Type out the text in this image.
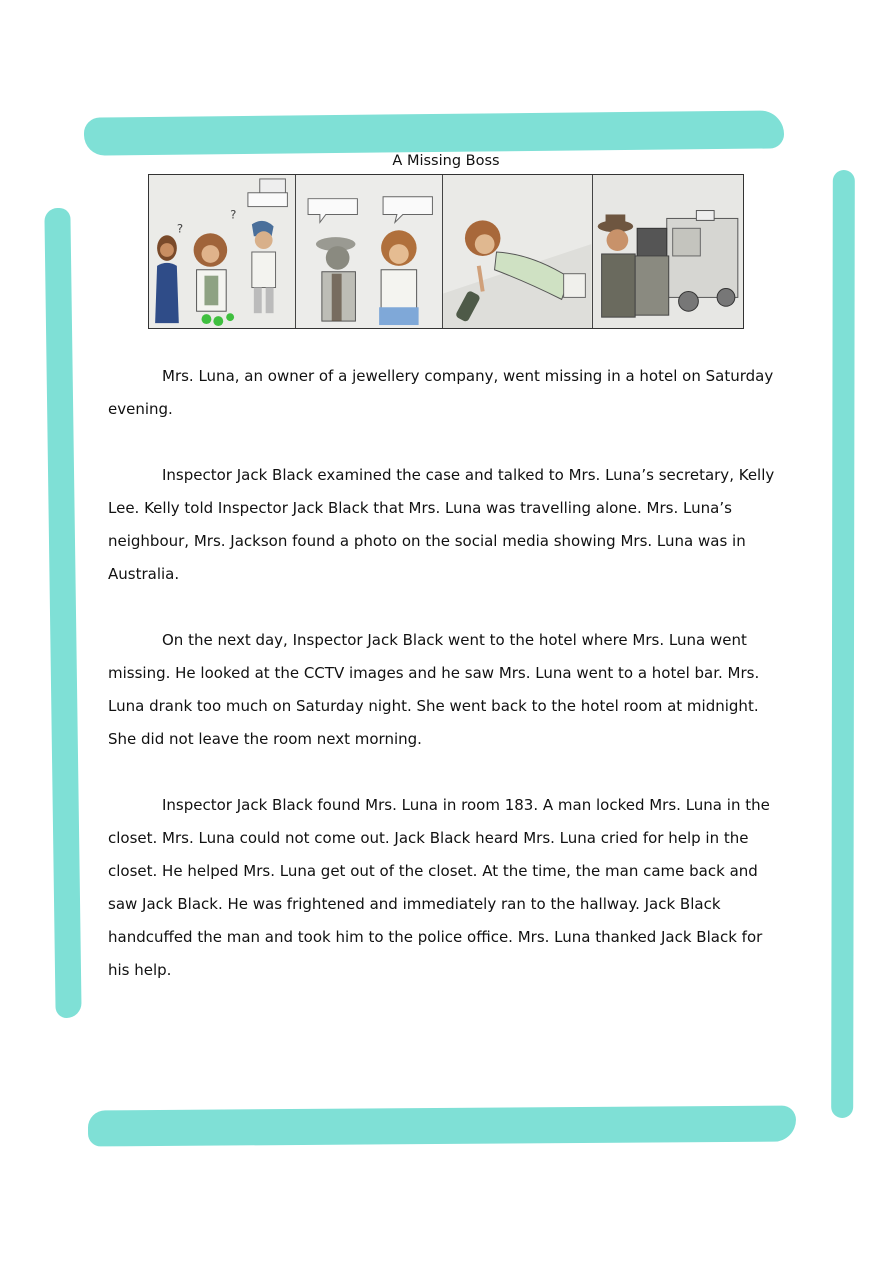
A Missing Boss
?
?

Mrs. Luna, an owner of a jewellery company, went missing in a hotel on Saturday evening.

Inspector Jack Black examined the case and talked to Mrs. Luna’s secretary, Kelly Lee. Kelly told Inspector Jack Black that Mrs. Luna was travelling alone. Mrs. Luna’s neighbour, Mrs. Jackson found a photo on the social media showing Mrs. Luna was in Australia.

On the next day, Inspector Jack Black went to the hotel where Mrs. Luna went missing. He looked at the CCTV images and he saw Mrs. Luna went to a hotel bar. Mrs. Luna drank too much on Saturday night. She went back to the hotel room at midnight. She did not leave the room next morning.

Inspector Jack Black found Mrs. Luna in room 183. A man locked Mrs. Luna in the closet. Mrs. Luna could not come out. Jack Black heard Mrs. Luna cried for help in the closet. He helped Mrs. Luna get out of the closet. At the time, the man came back and saw Jack Black. He was frightened and immediately ran to the hallway. Jack Black handcuffed the man and took him to the police office. Mrs. Luna thanked Jack Black for his help.
